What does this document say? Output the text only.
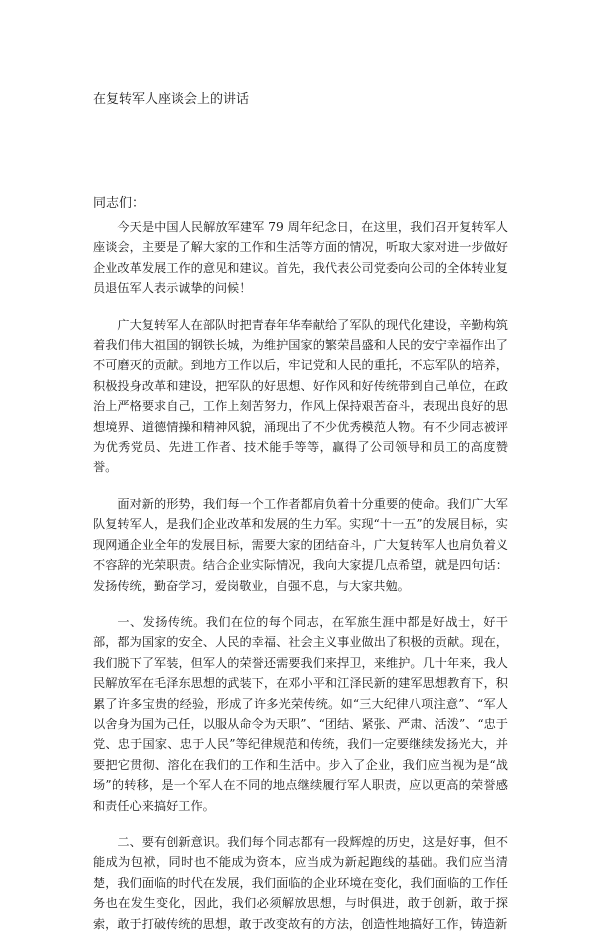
在复转军人座谈会上的讲话
同志们：

今天是中国人民解放军建军 79 周年纪念日，在这里，我们召开复转军人座谈会，主要是了解大家的工作和生活等方面的情况，听取大家对进一步做好企业改革发展工作的意见和建议。首先，我代表公司党委向公司的全体转业复员退伍军人表示诚挚的问候！

广大复转军人在部队时把青春年华奉献给了军队的现代化建设，辛勤构筑着我们伟大祖国的钢铁长城，为维护国家的繁荣昌盛和人民的安宁幸福作出了不可磨灭的贡献。到地方工作以后，牢记党和人民的重托，不忘军队的培养，积极投身改革和建设，把军队的好思想、好作风和好传统带到自己单位，在政治上严格要求自己，工作上刻苦努力，作风上保持艰苦奋斗，表现出良好的思想境界、道德情操和精神风貌，涌现出了不少优秀模范人物。有不少同志被评为优秀党员、先进工作者、技术能手等等，赢得了公司领导和员工的高度赞誉。

面对新的形势，我们每一个工作者都肩负着十分重要的使命。我们广大军队复转军人，是我们企业改革和发展的生力军。实现“十一五”的发展目标，实现网通企业全年的发展目标，需要大家的团结奋斗，广大复转军人也肩负着义不容辞的光荣职责。结合企业实际情况，我向大家提几点希望，就是四句话：发扬传统，勤奋学习，爱岗敬业，自强不息，与大家共勉。

一、发扬传统。我们在位的每个同志，在军旅生涯中都是好战士，好干部，都为国家的安全、人民的幸福、社会主义事业做出了积极的贡献。现在，我们脱下了军装，但军人的荣誉还需要我们来捍卫，来维护。几十年来，我人民解放军在毛泽东思想的武装下，在邓小平和江泽民新的建军思想教育下，积累了许多宝贵的经验，形成了许多光荣传统。如“三大纪律八项注意”、“军人以舍身为国为己任，以服从命令为天职”、“团结、紧张、严肃、活泼”、“忠于党、忠于国家、忠于人民”等纪律规范和传统，我们一定要继续发扬光大，并要把它贯彻、溶化在我们的工作和生活中。步入了企业，我们应当视为是“战场”的转移，是一个军人在不同的地点继续履行军人职责，应以更高的荣誉感和责任心来搞好工作。

二、要有创新意识。我们每个同志都有一段辉煌的历史，这是好事，但不能成为包袱，同时也不能成为资本，应当成为新起跑线的基础。我们应当清楚，我们面临的时代在发展，我们面临的企业环境在变化，我们面临的工作任务也在发生变化，因此，我们必须解放思想，与时俱进，敢于创新，敢于探索，敢于打破传统的思想，敢于改变故有的方法，创造性地搞好工作，铸造新
